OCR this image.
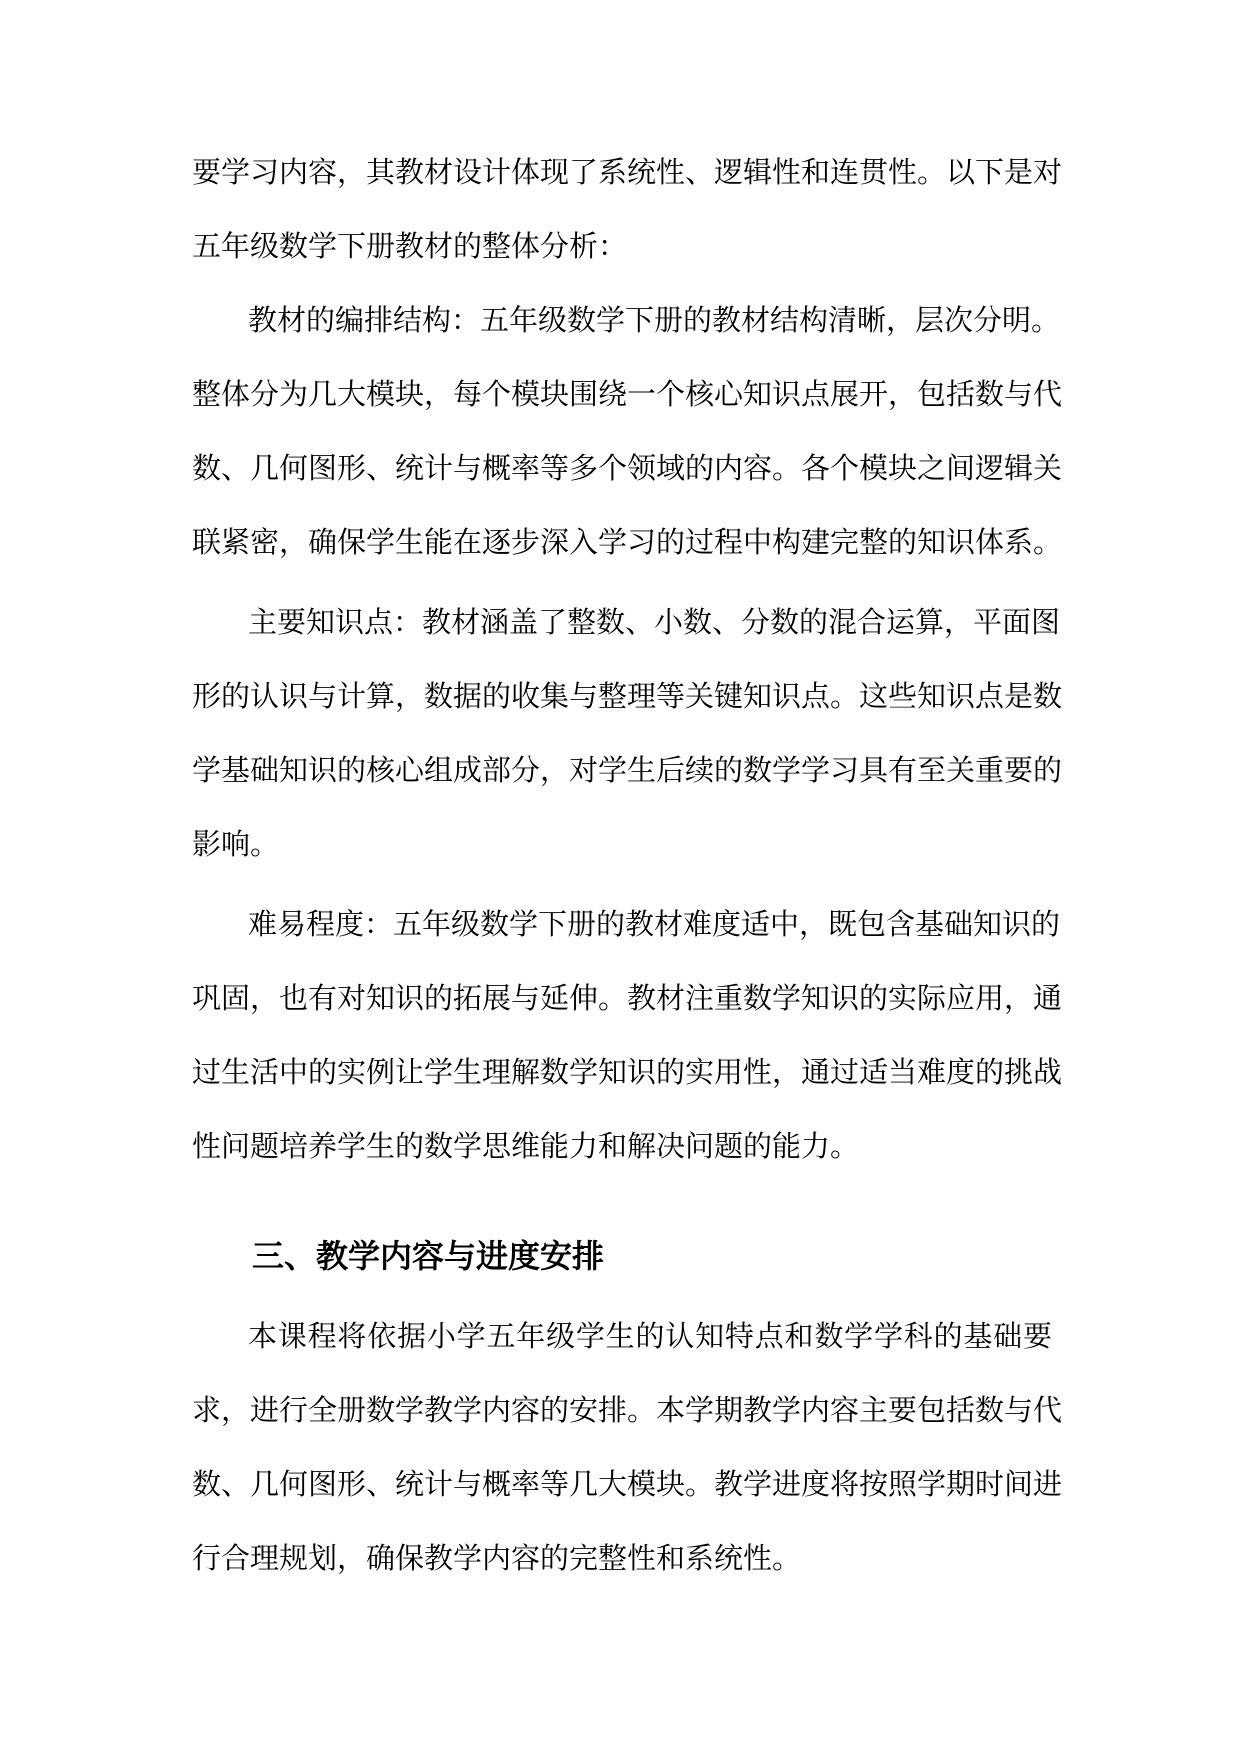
要学习内容，其教材设计体现了系统性、逻辑性和连贯性。以下是对

五年级数学下册教材的整体分析：

教材的编排结构：五年级数学下册的教材结构清晰，层次分明。

整体分为几大模块，每个模块围绕一个核心知识点展开，包括数与代

数、几何图形、统计与概率等多个领域的内容。各个模块之间逻辑关

联紧密，确保学生能在逐步深入学习的过程中构建完整的知识体系。

主要知识点：教材涵盖了整数、小数、分数的混合运算，平面图

形的认识与计算，数据的收集与整理等关键知识点。这些知识点是数

学基础知识的核心组成部分，对学生后续的数学学习具有至关重要的

影响。

难易程度：五年级数学下册的教材难度适中，既包含基础知识的

巩固，也有对知识的拓展与延伸。教材注重数学知识的实际应用，通

过生活中的实例让学生理解数学知识的实用性，通过适当难度的挑战

性问题培养学生的数学思维能力和解决问题的能力。

三、教学内容与进度安排

本课程将依据小学五年级学生的认知特点和数学学科的基础要

求，进行全册数学教学内容的安排。本学期教学内容主要包括数与代

数、几何图形、统计与概率等几大模块。教学进度将按照学期时间进

行合理规划，确保教学内容的完整性和系统性。
